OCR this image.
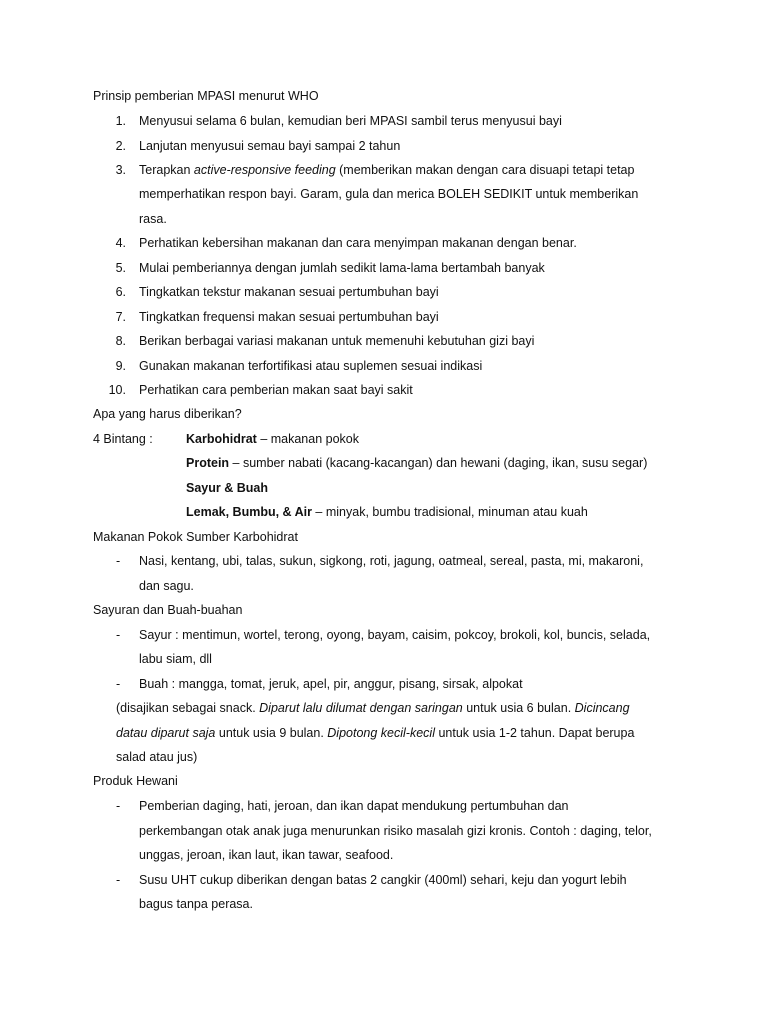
Prinsip pemberian MPASI menurut WHO
1. Menyusui selama 6 bulan, kemudian beri MPASI sambil terus menyusui bayi
2. Lanjutan menyusui semau bayi sampai 2 tahun
3. Terapkan active-responsive feeding (memberikan makan dengan cara disuapi tetapi tetap
memperhatikan respon bayi. Garam, gula dan merica BOLEH SEDIKIT untuk memberikan
rasa.
4. Perhatikan kebersihan makanan dan cara menyimpan makanan dengan benar.
5. Mulai pemberiannya dengan jumlah sedikit lama-lama bertambah banyak
6. Tingkatkan tekstur makanan sesuai pertumbuhan bayi
7. Tingkatkan frequensi makan sesuai pertumbuhan bayi
8. Berikan berbagai variasi makanan untuk memenuhi kebutuhan gizi bayi
9. Gunakan makanan terfortifikasi atau suplemen sesuai indikasi
10. Perhatikan cara pemberian makan saat bayi sakit
Apa yang harus diberikan?
4 Bintang :	Karbohidrat – makanan pokok
Protein – sumber nabati (kacang-kacangan) dan hewani (daging, ikan, susu segar)
Sayur & Buah
Lemak, Bumbu, & Air – minyak, bumbu tradisional, minuman atau kuah
Makanan Pokok Sumber Karbohidrat
- Nasi, kentang, ubi, talas, sukun, sigkong, roti, jagung, oatmeal, sereal, pasta, mi, makaroni,
dan sagu.
Sayuran dan Buah-buahan
- Sayur : mentimun, wortel, terong, oyong, bayam, caisim, pokcoy, brokoli, kol, buncis, selada,
labu siam, dll
- Buah : mangga, tomat, jeruk, apel, pir, anggur, pisang, sirsak, alpokat
(disajikan sebagai snack. Diparut lalu dilumat dengan saringan untuk usia 6 bulan. Dicincang
datau diparut saja untuk usia 9 bulan. Dipotong kecil-kecil untuk usia 1-2 tahun. Dapat berupa
salad atau jus)
Produk Hewani
- Pemberian daging, hati, jeroan, dan ikan dapat mendukung pertumbuhan dan
perkembangan otak anak juga menurunkan risiko masalah gizi kronis. Contoh : daging, telor,
unggas, jeroan, ikan laut, ikan tawar, seafood.
- Susu UHT cukup diberikan dengan batas 2 cangkir (400ml) sehari, keju dan yogurt lebih
bagus tanpa perasa.
